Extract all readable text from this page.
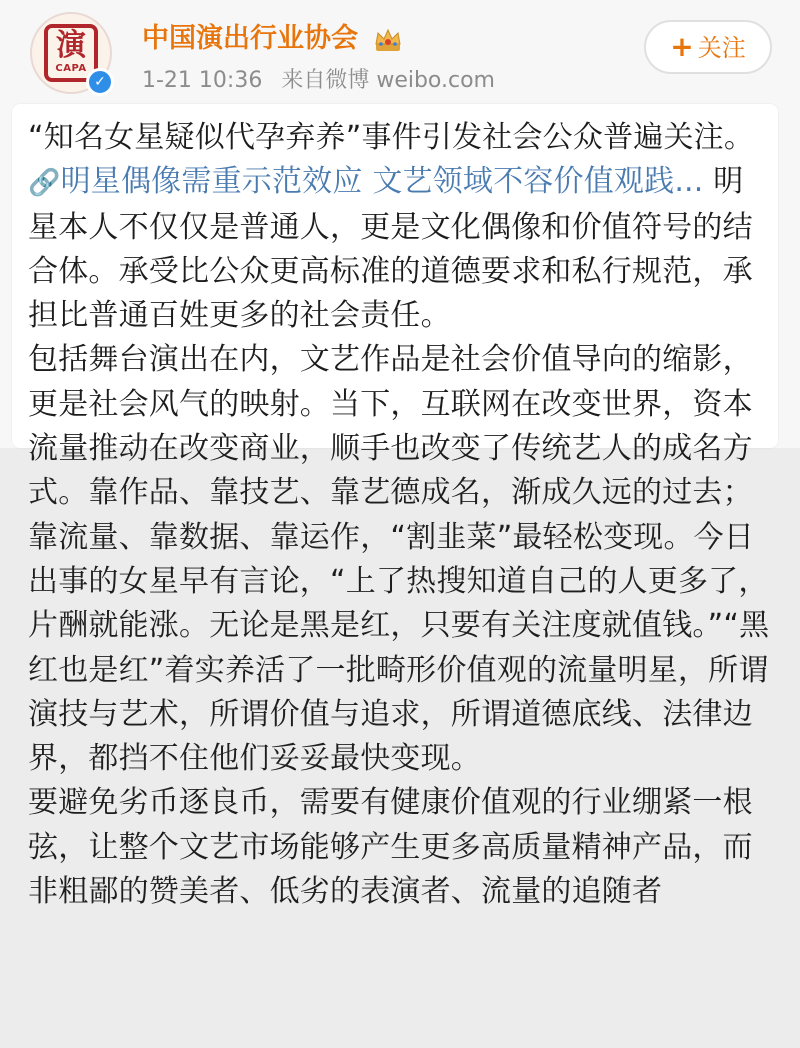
演
CAPA
✓
中国演出行业协会
1-21 10:36 来自微博 weibo.com
+ 关注

“知名女星疑似代孕弃养”事件引发社会公众普遍关注。🔗明星偶像需重示范效应 文艺领域不容价值观践... 明星本人不仅仅是普通人，更是文化偶像和价值符号的结合体。承受比公众更高标准的道德要求和私行规范，承担比普通百姓更多的社会责任。

包括舞台演出在内，文艺作品是社会价值导向的缩影，更是社会风气的映射。当下，互联网在改变世界，资本流量推动在改变商业，顺手也改变了传统艺人的成名方式。靠作品、靠技艺、靠艺德成名，渐成久远的过去；靠流量、靠数据、靠运作，“割韭菜”最轻松变现。今日出事的女星早有言论，“上了热搜知道自己的人更多了，片酬就能涨。无论是黑是红，只要有关注度就值钱。”“黑红也是红”着实养活了一批畸形价值观的流量明星，所谓演技与艺术，所谓价值与追求，所谓道德底线、法律边界，都挡不住他们妥妥最快变现。

要避免劣币逐良币，需要有健康价值观的行业绷紧一根弦，让整个文艺市场能够产生更多高质量精神产品，而非粗鄙的赞美者、低劣的表演者、流量的追随者
